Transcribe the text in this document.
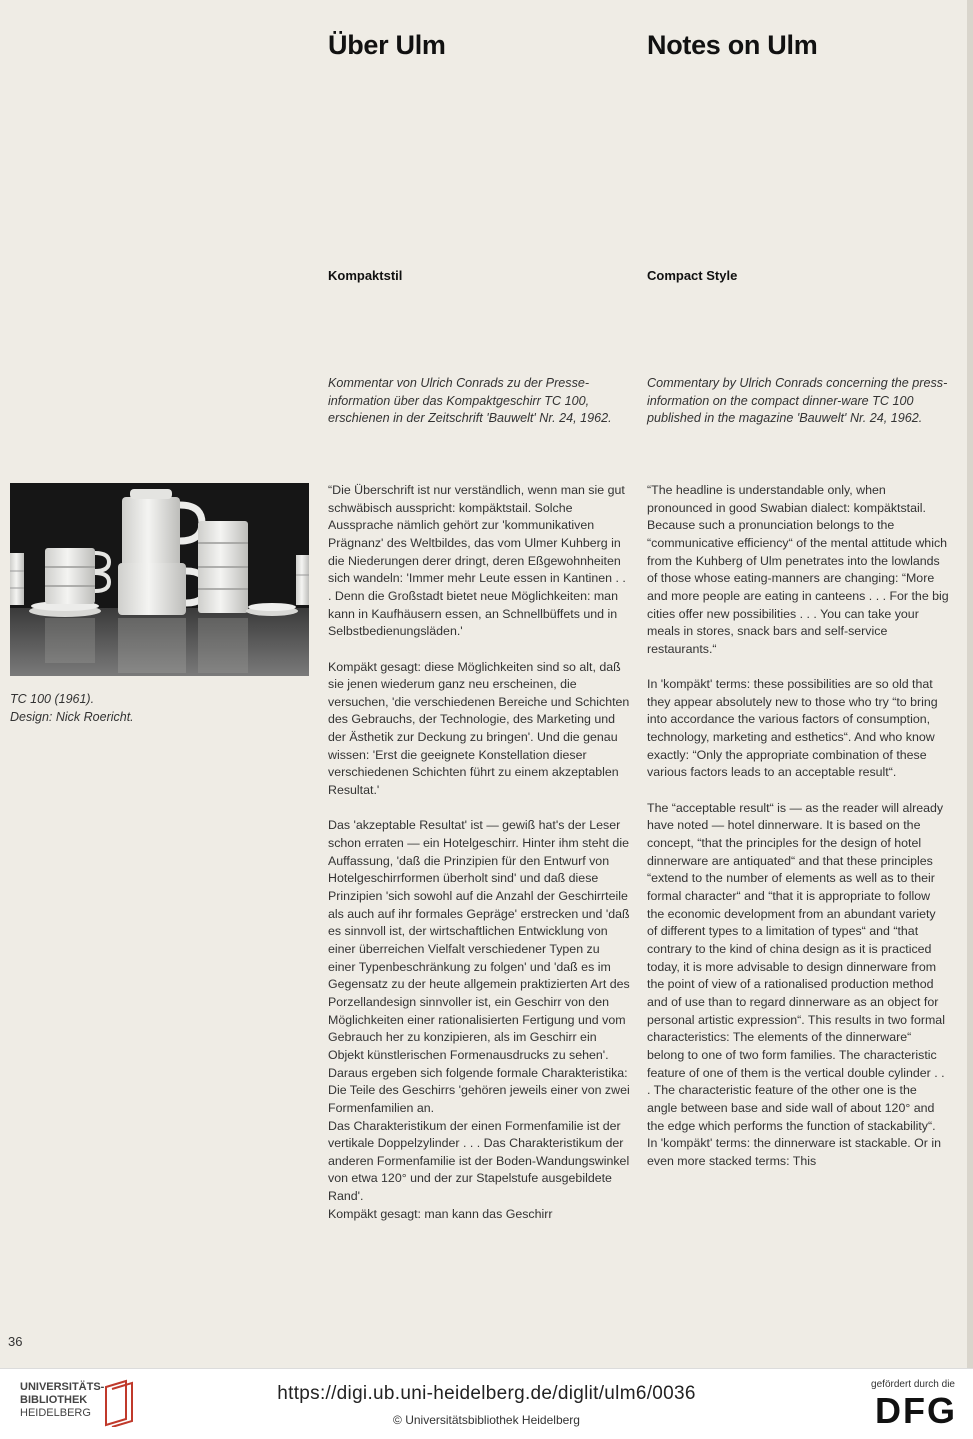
Über Ulm	Notes on Ulm
Kompaktstil	Compact Style

Kommentar von Ulrich Conrads zu der Presse-information über das Kompaktgeschirr TC 100, erschienen in der Zeitschrift 'Bauwelt' Nr. 24, 1962.

Commentary by Ulrich Conrads concerning the press-information on the compact dinner-ware TC 100 published in the magazine 'Bauwelt' Nr. 24, 1962.

TC 100 (1961).
Design: Nick Roericht.

“Die Überschrift ist nur verständlich, wenn man sie gut schwäbisch ausspricht: kompäktstail. Solche Aussprache nämlich gehört zur 'kommunikativen Prägnanz' des Weltbildes, das vom Ulmer Kuhberg in die Niederungen derer dringt, deren Eßgewohnheiten sich wandeln: 'Immer mehr Leute essen in Kantinen . . . Denn die Großstadt bietet neue Möglichkeiten: man kann in Kaufhäusern essen, an Schnellbüffets und in Selbstbedienungsläden.'

Kompäkt gesagt: diese Möglichkeiten sind so alt, daß sie jenen wiederum ganz neu erscheinen, die versuchen, 'die verschiedenen Bereiche und Schichten des Gebrauchs, der Technologie, des Marketing und der Ästhetik zur Deckung zu bringen'. Und die genau wissen: 'Erst die geeignete Konstellation dieser verschiedenen Schichten führt zu einem akzeptablen Resultat.'

Das 'akzeptable Resultat' ist — gewiß hat's der Leser schon erraten — ein Hotelgeschirr. Hinter ihm steht die Auffassung, 'daß die Prinzipien für den Entwurf von Hotelgeschirrformen überholt sind' und daß diese Prinzipien 'sich sowohl auf die Anzahl der Geschirrteile als auch auf ihr formales Gepräge' erstrecken und 'daß es sinnvoll ist, der wirtschaftlichen Entwicklung von einer überreichen Vielfalt verschiedener Typen zu einer Typenbeschränkung zu folgen' und 'daß es im Gegensatz zu der heute allgemein praktizierten Art des Porzellandesign sinnvoller ist, ein Geschirr von den Möglichkeiten einer rationalisierten Fertigung und vom Gebrauch her zu konzipieren, als im Geschirr ein Objekt künstlerischen Formenausdrucks zu sehen'.

Daraus ergeben sich folgende formale Charakteristika: Die Teile des Geschirrs 'gehören jeweils einer von zwei Formenfamilien an.

Das Charakteristikum der einen Formenfamilie ist der vertikale Doppelzylinder . . . Das Charakteristikum der anderen Formenfamilie ist der Boden-Wandungswinkel von etwa 120° und der zur Stapelstufe ausgebildete Rand'.

Kompäkt gesagt: man kann das Geschirr

“The headline is understandable only, when pronounced in good Swabian dialect: kompäktstail. Because such a pronunciation belongs to the “communicative efficiency“ of the mental attitude which from the Kuhberg of Ulm penetrates into the lowlands of those whose eating-manners are changing: “More and more people are eating in canteens . . . For the big cities offer new possibilities . . . You can take your meals in stores, snack bars and self-service restaurants.“

In 'kompäkt' terms: these possibilities are so old that they appear absolutely new to those who try “to bring into accordance the various factors of consumption, technology, marketing and esthetics“. And who know exactly: “Only the appropriate combination of these various factors leads to an acceptable result“.

The “acceptable result“ is — as the reader will already have noted — hotel dinnerware. It is based on the concept, “that the principles for the design of hotel dinnerware are antiquated“ and that these principles “extend to the number of elements as well as to their formal character“ and “that it is appropriate to follow the economic development from an abundant variety of different types to a limitation of types“ and “that contrary to the kind of china design as it is practiced today, it is more advisable to design dinnerware from the point of view of a rationalised production method and of use than to regard dinnerware as an object for personal artistic expression“. This results in two formal characteristics: The elements of the dinnerware“ belong to one of two form families. The characteristic feature of one of them is the vertical double cylinder . . . The characteristic feature of the other one is the angle between base and side wall of about 120° and the edge which performs the function of stackability“.

In 'kompäkt' terms: the dinnerware ist stackable. Or in even more stacked terms: This

36
UNIVERSITÄTS-
BIBLIOTHEK
HEIDELBERG
https://digi.ub.uni-heidelberg.de/diglit/ulm6/0036
© Universitätsbibliothek Heidelberg
gefördert durch die
DFG
